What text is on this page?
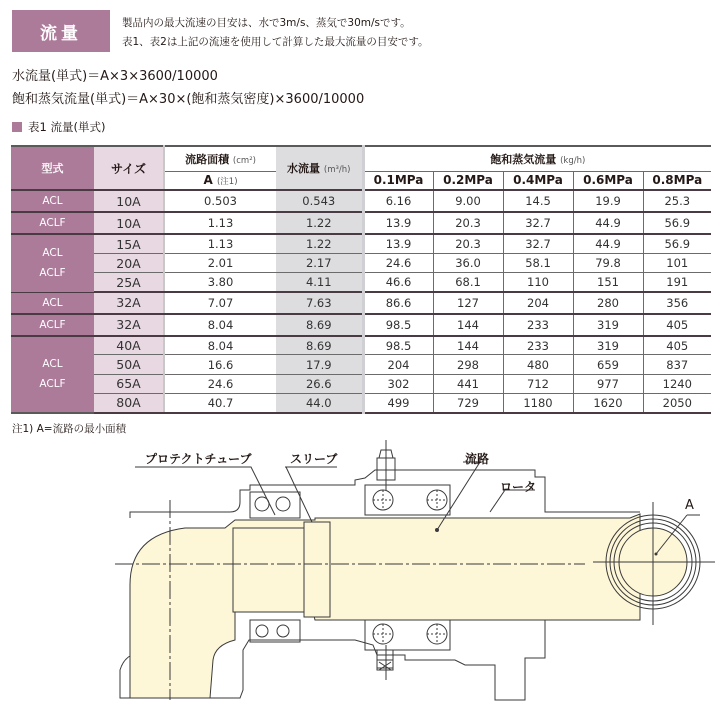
流量
製品内の最大流速の目安は、水で3m/s、蒸気で30m/sです。
表1、表2は上記の流速を使用して計算した最大流量の目安です。
水流量(単式)＝A×3×3600/10000
飽和蒸気流量(単式)＝A×30×(飽和蒸気密度)×3600/10000
表1 流量(単式)
型式	サイズ	流路面積 (cm²)	水流量 (m³/h)	飽和蒸気流量 (kg/h)				
		A (注1)		0.1MPa	0.2MPa	0.4MPa	0.6MPa	0.8MPa

ACL	10A	0.503	0.543	6.16	9.00	14.5	19.9	25.3

ACLF	10A	1.13	1.22	13.9	20.3	32.7	44.9	56.9

ACL
ACLF	15A	1.13	1.22	13.9	20.3	32.7	44.9	56.9
	20A	2.01	2.17	24.6	36.0	58.1	79.8	101
	25A	3.80	4.11	46.6	68.1	110	151	191

ACL	32A	7.07	7.63	86.6	127	204	280	356

ACLF	32A	8.04	8.69	98.5	144	233	319	405

ACL
ACLF	40A	8.04	8.69	98.5	144	233	319	405
	50A	16.6	17.9	204	298	480	659	837
	65A	24.6	26.6	302	441	712	977	1240
	80A	40.7	44.0	499	729	1180	1620	2050
注1) A=流路の最小面積
プロテクトチューブ	スリーブ	流路
ロータ
A
